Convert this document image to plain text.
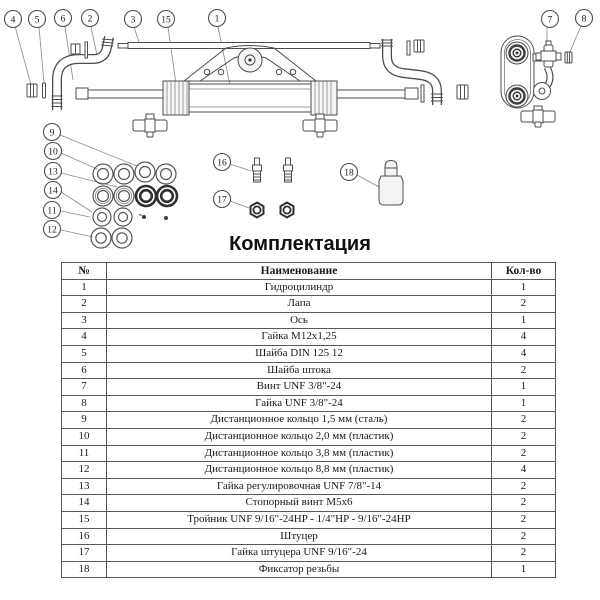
4 5 6 2	3	15	1	7	8
9
10
13
14
11
12
16
17
18
Комплектация
№	Наименование	Кол-во
1	Гидроцилиндр	1
2	Лапа	2
3	Ось	1
4	Гайка M12x1,25	4
5	Шайба DIN 125 12	4
6	Шайба штока	2
7	Винт UNF 3/8"-24	1
8	Гайка UNF 3/8"-24	1
9	Дистанционное кольцо 1,5 мм (сталь)	2
10	Дистанционное кольцо 2,0 мм (пластик)	2
11	Дистанционное кольцо 3,8 мм (пластик)	2
12	Дистанционное кольцо 8,8 мм (пластик)	4
13	Гайка регулировочная UNF 7/8"-14	2
14	Стопорный винт M5x6	2
15	Тройник UNF 9/16"-24HP - 1/4"HP - 9/16"-24HP	2
16	Штуцер	2
17	Гайка штуцера UNF 9/16"-24	2
18	Фиксатор резьбы	1
